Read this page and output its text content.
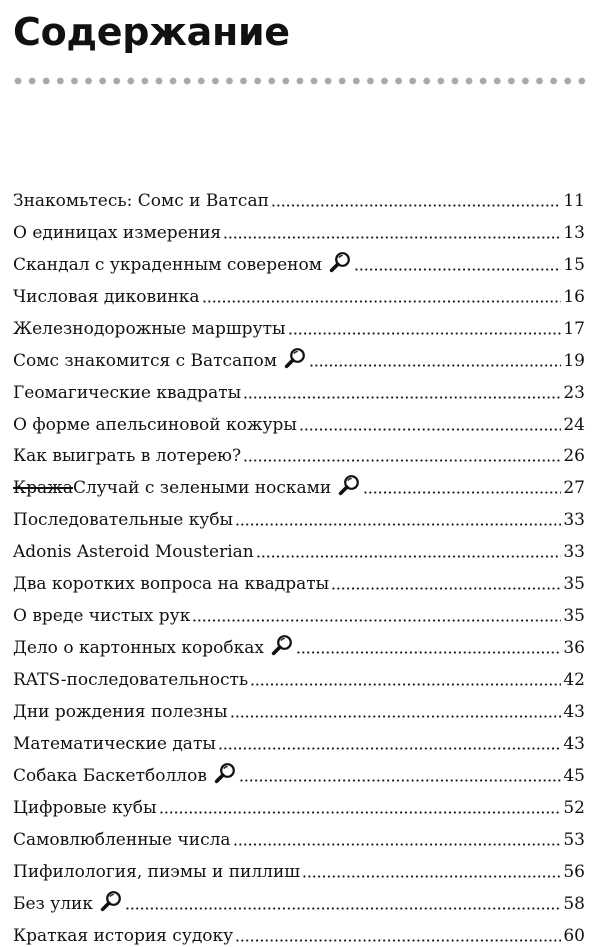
Содержание
Знакомьтесь: Сомс и Ватсап	11
О единицах измерения	13
Скандал с украденным совереном	15
Числовая диковинка	16
Железнодорожные маршруты	17
Сомс знакомится с Ватсапом	19
Геомагические квадраты	23
О форме апельсиновой кожуры	24
Как выиграть в лотерею?	26
КражаСлучай с зелеными носками	27
Последовательные кубы	33
Adonis Asteroid Mousterian	33
Два коротких вопроса на квадраты	35
О вреде чистых рук	35
Дело о картонных коробках	36
RATS-последовательность	42
Дни рождения полезны	43
Математические даты	43
Собака Баскетболлов	45
Цифровые кубы	52
Самовлюбленные числа	53
Пифилология, пиэмы и пиллиш	56
Без улик	58
Краткая история судоку	60
